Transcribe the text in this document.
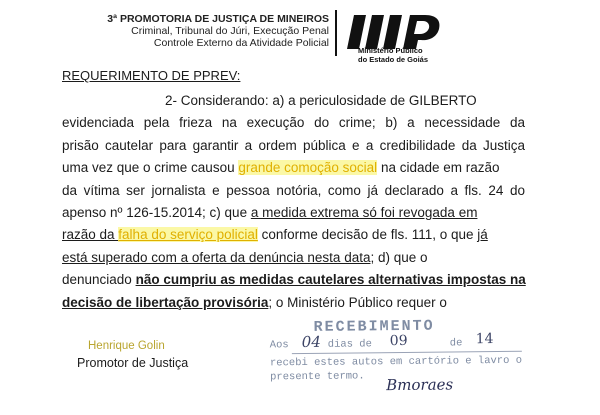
3ª PROMOTORIA DE JUSTIÇA DE MINEIROS
Criminal, Tribunal do Júri, Execução Penal
Controle Externo da Atividade Policial
Ministério Público
do Estado de Goiás
REQUERIMENTO DE PPREV:
2- Considerando: a) a periculosidade de GILBERTO
evidenciada pela frieza na execução do crime; b) a necessidade da
prisão cautelar para garantir a ordem pública e a credibilidade da Justiça
uma vez que o crime causou grande comoção social na cidade em razão
da vítima ser jornalista e pessoa notória, como já declarado a fls. 24 do
apenso nº 126-15.2014; c) que a medida extrema só foi revogada em
razão da falha do serviço policial conforme decisão de fls. 111, o que já
está superado com a oferta da denúncia nesta data; d) que o
denunciado não cumpriu as medidas cautelares alternativas impostas na
decisão de libertação provisória; o Ministério Público requer o
Henrique Golin
Promotor de Justiça
RECEBIMENTO
Aos 04 dias de 09	de 14
recebi estes autos em cartório e lavro o
presente termo. Bmoraes
